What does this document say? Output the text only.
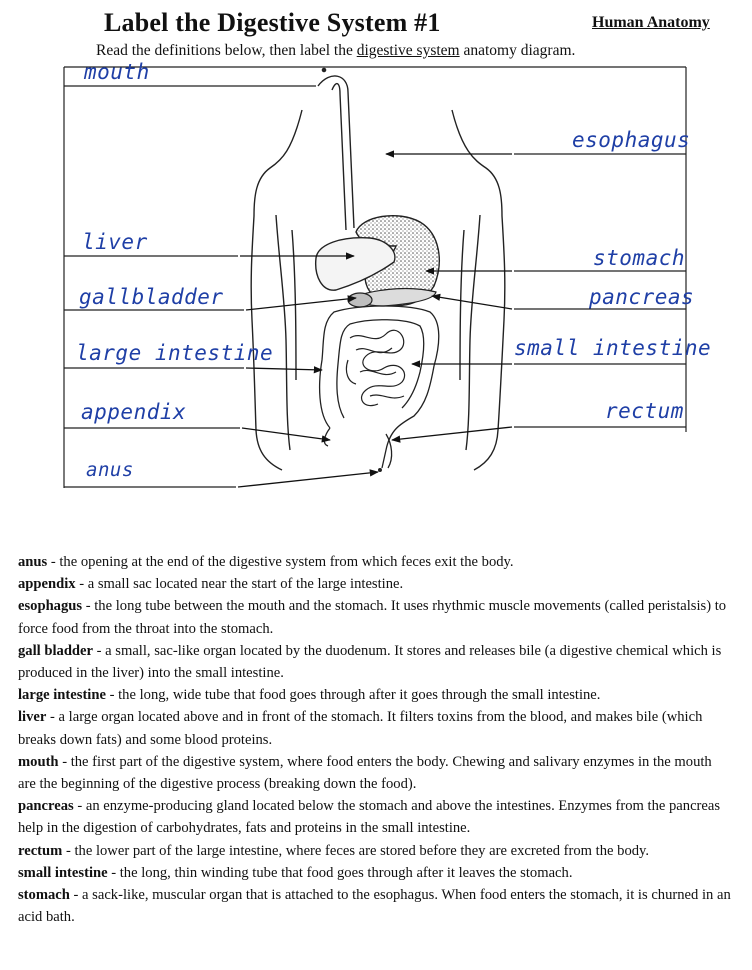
Label the Digestive System #1	Human Anatomy
Read the definitions below, then label the digestive system anatomy diagram.
mouth
esophagus
liver
stomach
gallbladder	pancreas
large intestine	small intestine
appendix	rectum
anus

anus - the opening at the end of the digestive system from which feces exit the body.

appendix - a small sac located near the start of the large intestine.

esophagus - the long tube between the mouth and the stomach. It uses rhythmic muscle movements (called peristalsis) to force food from the throat into the stomach.

gall bladder - a small, sac-like organ located by the duodenum. It stores and releases bile (a digestive chemical which is produced in the liver) into the small intestine.

large intestine - the long, wide tube that food goes through after it goes through the small intestine.

liver - a large organ located above and in front of the stomach. It filters toxins from the blood, and makes bile (which breaks down fats) and some blood proteins.

mouth - the first part of the digestive system, where food enters the body. Chewing and salivary enzymes in the mouth are the beginning of the digestive process (breaking down the food).

pancreas - an enzyme-producing gland located below the stomach and above the intestines. Enzymes from the pancreas help in the digestion of carbohydrates, fats and proteins in the small intestine.

rectum - the lower part of the large intestine, where feces are stored before they are excreted from the body.

small intestine - the long, thin winding tube that food goes through after it leaves the stomach.

stomach - a sack-like, muscular organ that is attached to the esophagus. When food enters the stomach, it is churned in an acid bath.
